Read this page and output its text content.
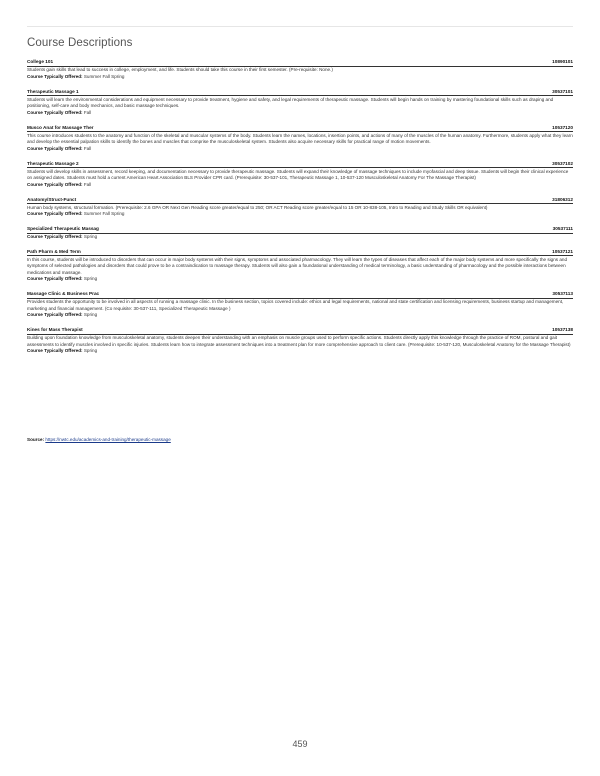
Course Descriptions
College 101	10890101
Students gain skills that lead to success in college, employment, and life. Students should take this course in their first semester. (Pre-requisite: None.)
Course Typically Offered: Summer Fall Spring
Therapeutic Massage 1	30537101
Students will learn the environmental considerations and equipment necessary to provide treatment, hygiene and safety, and legal requirements of therapeutic massage. Students will begin hands on training by mastering foundational skills such as draping and positioning, self-care and body mechanics, and basic massage techniques.
Course Typically Offered: Fall
Musco Anat for Massage Ther	10537120
This course introduces students to the anatomy and function of the skeletal and muscular systems of the body. Students learn the names, locations, insertion points, and actions of many of the muscles of the human anatomy. Furthermore, students apply what they learn and develop the essential palpation skills to identify the bones and muscles that comprise the musculoskeletal system. Students also acquire necessary skills for practical range of motion movements.
Course Typically Offered: Fall
Therapeutic Massage 2	30537102
Students will develop skills in assessment, record keeping, and documentation necessary to provide therapeutic massage. Students will expand their knowledge of massage techniques to include myofascial and deep tissue. Students will begin their clinical experience on assigned dates. Students must hold a current American Heart Association BLS Provider CPR card. (Prerequisite: 30-537-101, Therapeutic Massage 1, 10-537-120 Musculoskeletal Anatomy For The Massage Therapist)
Course Typically Offered: Fall
Anatomy/Struct-Funct	31806312
Human body systems, structural formation. (Prerequisite: 2.6 GPA OR Next Gen Reading score greater/equal to 250; OR ACT Reading score greater/equal to 15 OR 10-838-105, Intro to Reading and Study Skills OR equivalent)
Course Typically Offered: Summer Fall Spring
Specialized Therapeutic Massag	30537111
Course Typically Offered: Spring
Path Pharm & Med Term	10537121
In this course, students will be introduced to disorders that can occur in major body systems with their signs, symptoms and associated pharmacology. They will learn the types of diseases that affect each of the major body systems and more specifically the signs and symptoms of selected pathologies and disorders that could prove to be a contraindication to massage therapy. Students will also gain a foundational understanding of medical terminology, a basic understanding of pharmacology and the possible interactions between medications and massage.
Course Typically Offered: Spring
Massage Clinic & Business Prac	30537113
Provides students the opportunity to be involved in all aspects of running a massage clinic. In the business section, topics covered include: ethics and legal requirements, national and state certification and licensing requirements, business startup and management, marketing and financial management. (Co requisite: 30-537-111, Specialized Therapeutic Massage )
Course Typically Offered: Spring
Kines for Mass Therapist	10537138
Building upon foundation knowledge from musculoskeletal anatomy, students deepen their understanding with an emphasis on muscle groups used to perform specific actions. Students directly apply this knowledge through the practice of ROM, postural and gait assessments to identify muscles involved in specific injuries. Students learn how to integrate assessment techniques into a treatment plan for more comprehensive approach to client care. (Prerequisite: 10-537-120, Musculoskeletal Anatomy for the Massage Therapist)
Course Typically Offered: Spring
Source: https://nwtc.edu/academics-and-training/therapeutic-massage
459
